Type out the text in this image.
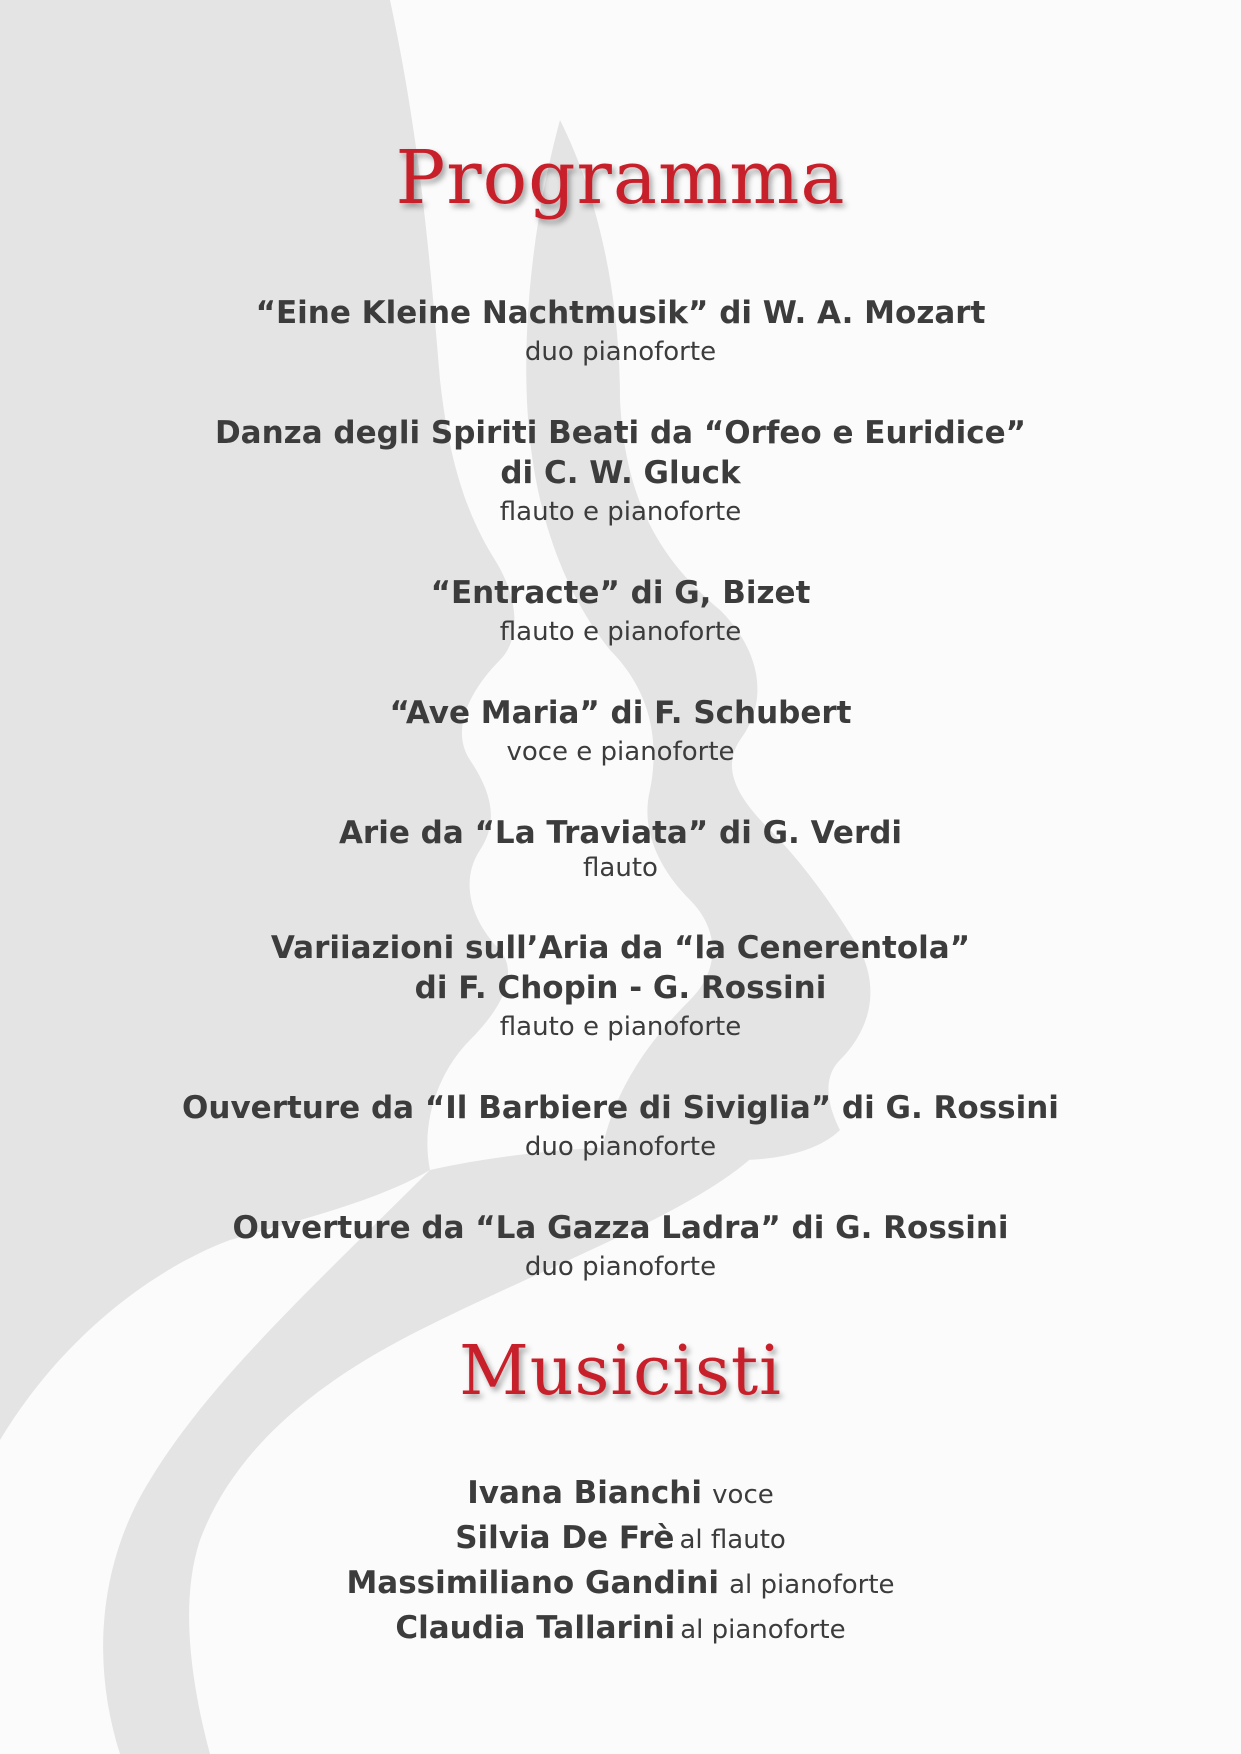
Programma
“Eine Kleine Nachtmusik” di W. A. Mozart
duo pianoforte
Danza degli Spiriti Beati da “Orfeo e Euridice”
di C. W. Gluck
flauto e pianoforte
“Entracte” di G, Bizet
flauto e pianoforte
“Ave Maria” di F. Schubert
voce e pianoforte
Arie da “La Traviata” di G. Verdi
flauto
Variiazioni sull’Aria da “la Cenerentola”
di F. Chopin - G. Rossini
flauto e pianoforte
Ouverture da “Il Barbiere di Siviglia” di G. Rossini
duo pianoforte
Ouverture da “La Gazza Ladra” di G. Rossini
duo pianoforte
Musicisti
Ivana Bianchi voce
Silvia De Frè al flauto
Massimiliano Gandini al pianoforte
Claudia Tallarini al pianoforte
